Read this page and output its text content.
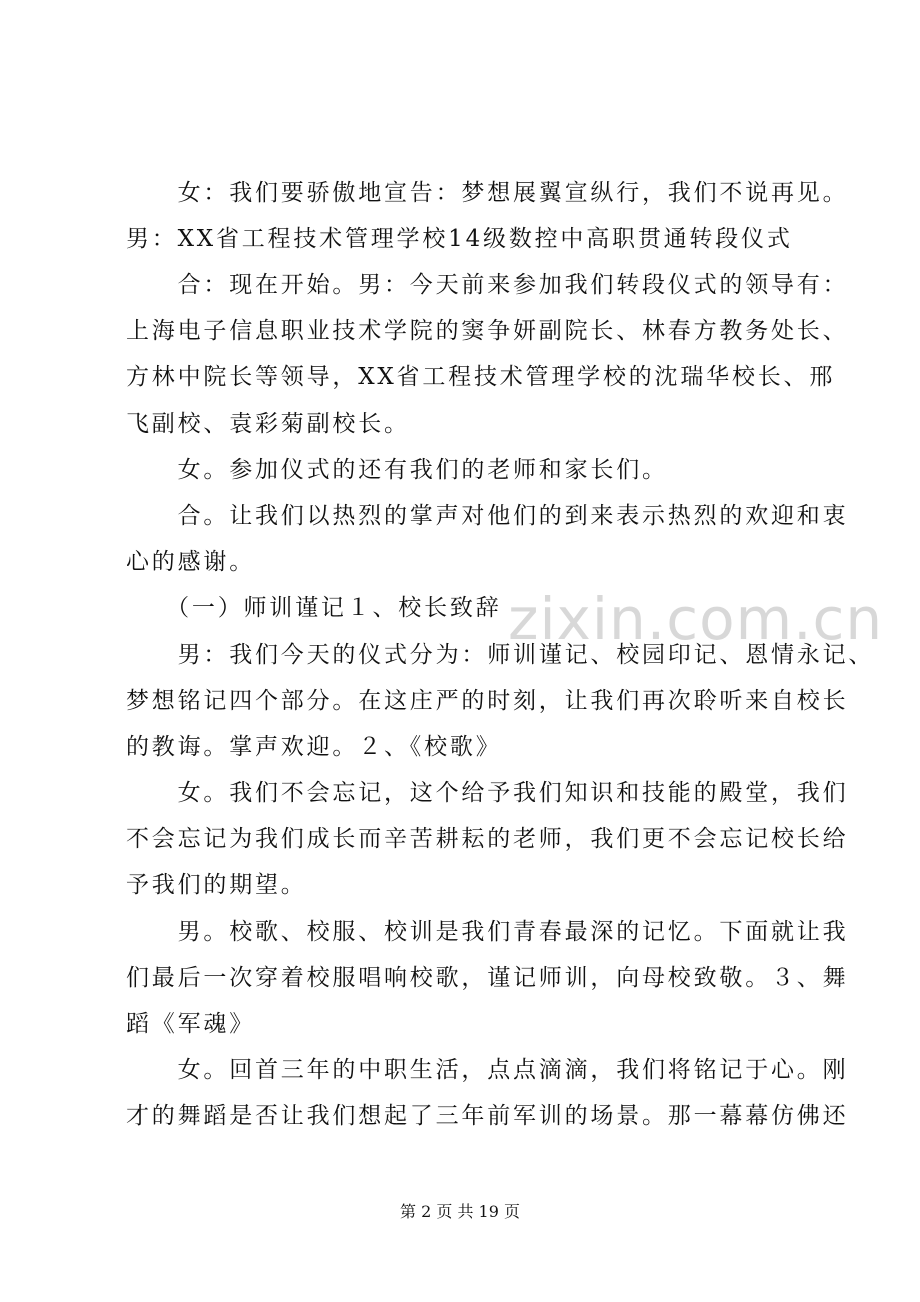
　　女：我们要骄傲地宣告：梦想展翼宣纵行，我们不说再见。
男：XX省工程技术管理学校14级数控中高职贯通转段仪式
　　合：现在开始。男：今天前来参加我们转段仪式的领导有：
上海电子信息职业技术学院的窦争妍副院长、林春方教务处长、
方林中院长等领导，XX省工程技术管理学校的沈瑞华校长、邢
飞副校、袁彩菊副校长。
　　女。参加仪式的还有我们的老师和家长们。
　　合。让我们以热烈的掌声对他们的到来表示热烈的欢迎和衷
心的感谢。
　　（一）师训谨记１、校长致辞
　　男：我们今天的仪式分为：师训谨记、校园印记、恩情永记、
梦想铭记四个部分。在这庄严的时刻，让我们再次聆听来自校长
的教诲。掌声欢迎。２、《校歌》
　　女。我们不会忘记，这个给予我们知识和技能的殿堂，我们
不会忘记为我们成长而辛苦耕耘的老师，我们更不会忘记校长给
予我们的期望。
　　男。校歌、校服、校训是我们青春最深的记忆。下面就让我
们最后一次穿着校服唱响校歌，谨记师训，向母校致敬。３、舞
蹈《军魂》
　　女。回首三年的中职生活，点点滴滴，我们将铭记于心。刚
才的舞蹈是否让我们想起了三年前军训的场景。那一幕幕仿佛还
zixin.com.cn
第 2 页 共 19 页
